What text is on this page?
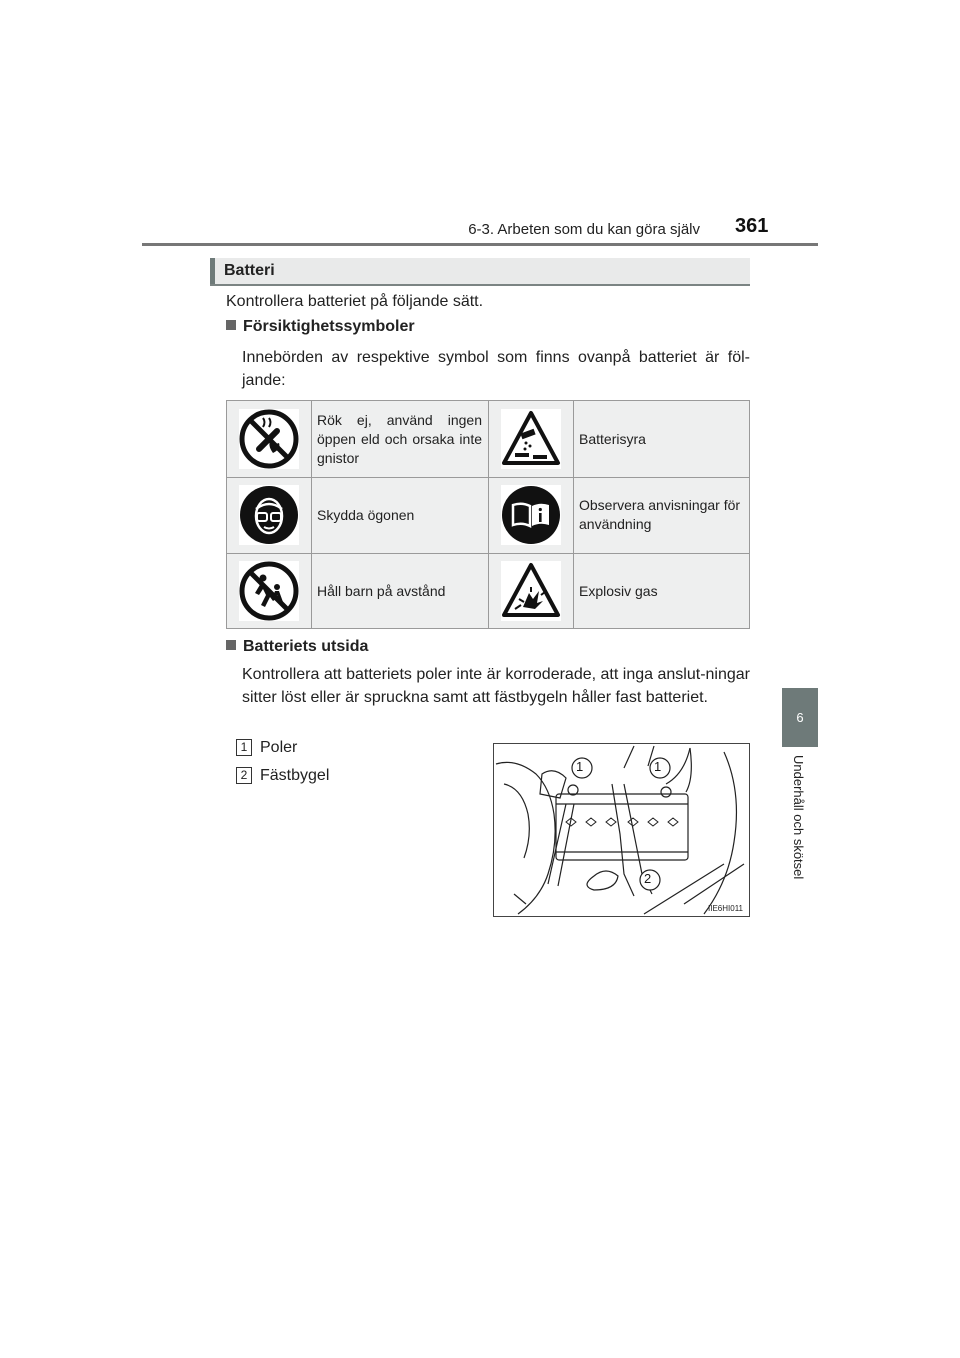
6-3. Arbeten som du kan göra själv 361
6
Underhåll och skötsel
Batteri
Kontrollera batteriet på följande sätt.
Försiktighetssymboler
Innebörden av respektive symbol som finns ovanpå batteriet är föl-jande:
Rök ej, använd ingen öppen eld och orsaka inte gnistor
Batterisyra
Skydda ögonen
Observera anvisningar för användning
Håll barn på avstånd	Explosiv gas
Batteriets utsida
Kontrollera att batteriets poler inte är korroderade, att inga anslut-ningar sitter löst eller är spruckna samt att fästbygeln håller fast batteriet.
1 Poler
2 Fästbygel
1	1
2
IIE6HI011
